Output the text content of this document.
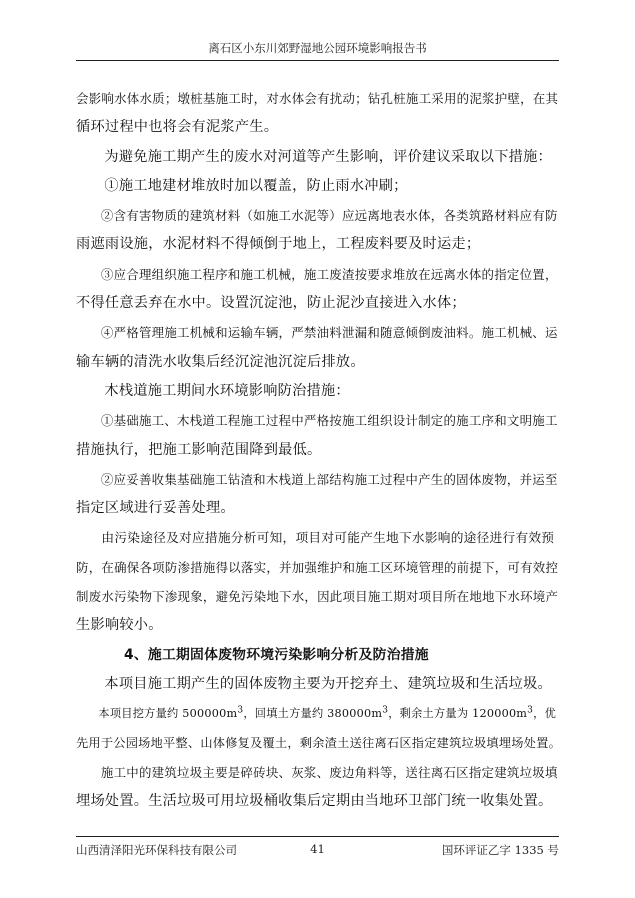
离石区小东川郊野湿地公园环境影响报告书
会影响水体水质；墩桩基施工时，对水体会有扰动；钻孔桩施工采用的泥浆护壁，在其
循环过程中也将会有泥浆产生。
为避免施工期产生的废水对河道等产生影响，评价建议采取以下措施：
①施工地建材堆放时加以覆盖，防止雨水冲刷；
②含有害物质的建筑材料（如施工水泥等）应远离地表水体，各类筑路材料应有防
雨遮雨设施，水泥材料不得倾倒于地上，工程废料要及时运走；
③应合理组织施工程序和施工机械，施工废渣按要求堆放在远离水体的指定位置，
不得任意丢弃在水中。设置沉淀池，防止泥沙直接进入水体；
④严格管理施工机械和运输车辆，严禁油料泄漏和随意倾倒废油料。施工机械、运
输车辆的清洗水收集后经沉淀池沉淀后排放。
木栈道施工期间水环境影响防治措施：
①基础施工、木栈道工程施工过程中严格按施工组织设计制定的施工序和文明施工
措施执行，把施工影响范围降到最低。
②应妥善收集基础施工钻渣和木栈道上部结构施工过程中产生的固体废物，并运至
指定区域进行妥善处理。
由污染途径及对应措施分析可知，项目对可能产生地下水影响的途径进行有效预
防，在确保各项防渗措施得以落实，并加强维护和施工区环境管理的前提下，可有效控
制废水污染物下渗现象，避免污染地下水，因此项目施工期对项目所在地地下水环境产
生影响较小。
4、施工期固体废物环境污染影响分析及防治措施
本项目施工期产生的固体废物主要为开挖弃土、建筑垃圾和生活垃圾。
本项目挖方量约 $500000m^3$，回填土方量约 $380000m^3$，剩余土方量为 $120000m^3$，优
先用于公园场地平整、山体修复及覆土，剩余渣土送往离石区指定建筑垃圾填埋场处置。
施工中的建筑垃圾主要是碎砖块、灰浆、废边角料等，送往离石区指定建筑垃圾填
埋场处置。生活垃圾可用垃圾桶收集后定期由当地环卫部门统一收集处置。
山西清泽阳光环保科技有限公司	41	国环评证乙字 1335 号
